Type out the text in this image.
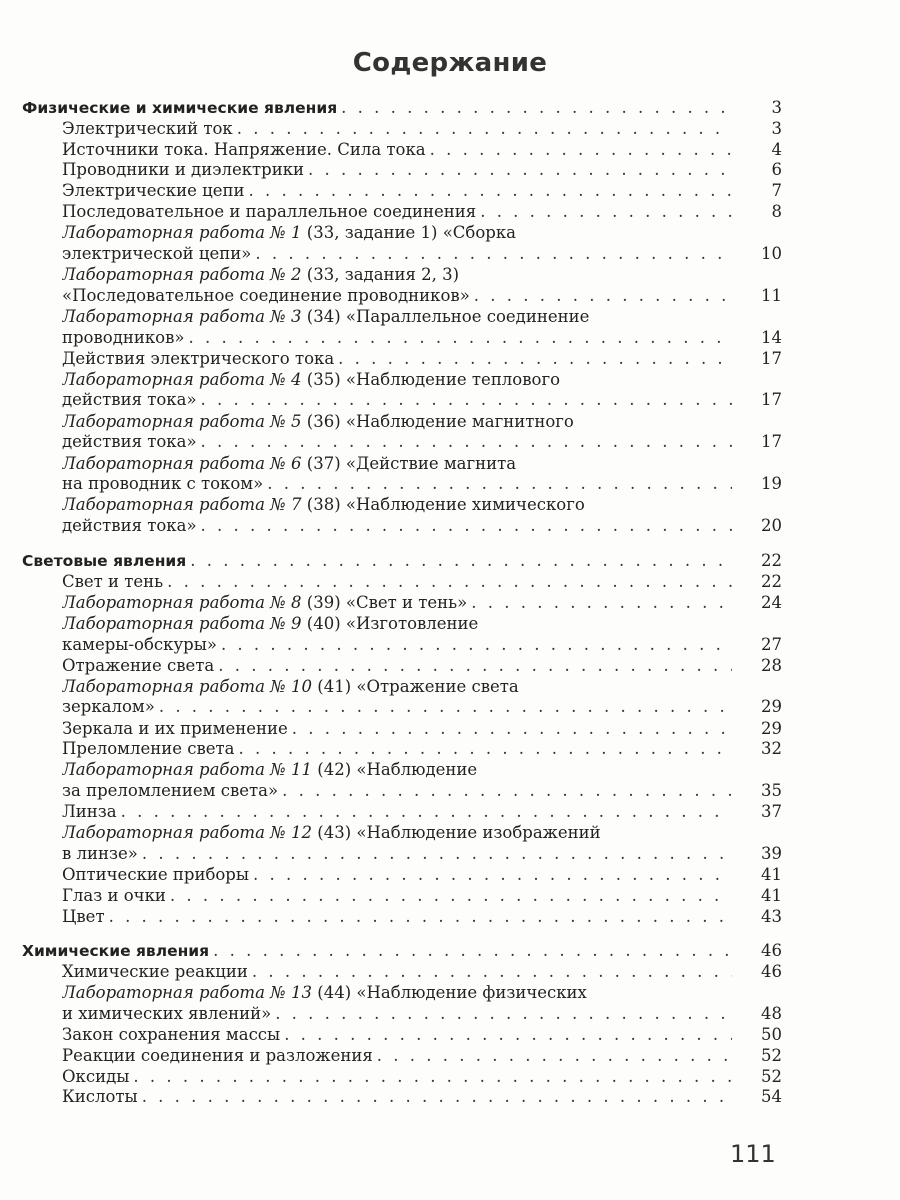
Содержание
Физические и химические явления . . .	3
Электрический ток . . .	3
Источники тока. Напряжение. Сила тока . . .	4
Проводники и диэлектрики . . .	6
Электрические цепи . . .	7
Последовательное и параллельное соединения . . .	8
Лабораторная работа № 1 (33, задание 1) «Сборка
электрической цепи» . . .	10
Лабораторная работа № 2 (33, задания 2, 3)
«Последовательное соединение проводников» . . .	11
Лабораторная работа № 3 (34) «Параллельное соединение
проводников» . . .	14
Действия электрического тока . . .	17
Лабораторная работа № 4 (35) «Наблюдение теплового
действия тока» . . .	17
Лабораторная работа № 5 (36) «Наблюдение магнитного
действия тока» . . .	17
Лабораторная работа № 6 (37) «Действие магнита
на проводник с током» . . .	19
Лабораторная работа № 7 (38) «Наблюдение химического
действия тока» . . .	20
Световые явления . . .	22
Свет и тень . . .	22
Лабораторная работа № 8 (39) «Свет и тень» . . .	24
Лабораторная работа № 9 (40) «Изготовление
камеры-обскуры» . . .	27
Отражение света . . .	28
Лабораторная работа № 10 (41) «Отражение света
зеркалом» . . .	29
Зеркала и их применение . . .	29
Преломление света . . .	32
Лабораторная работа № 11 (42) «Наблюдение
за преломлением света» . . .	35
Линза . . .	37
Лабораторная работа № 12 (43) «Наблюдение изображений
в линзе» . . .	39
Оптические приборы . . .	41
Глаз и очки . . .	41
Цвет . . .	43
Химические явления . . .	46
Химические реакции . . .	46
Лабораторная работа № 13 (44) «Наблюдение физических
и химических явлений» . . .	48
Закон сохранения массы . . .	50
Реакции соединения и разложения . . .	52
Оксиды . . .	52
Кислоты . . .	54
111
